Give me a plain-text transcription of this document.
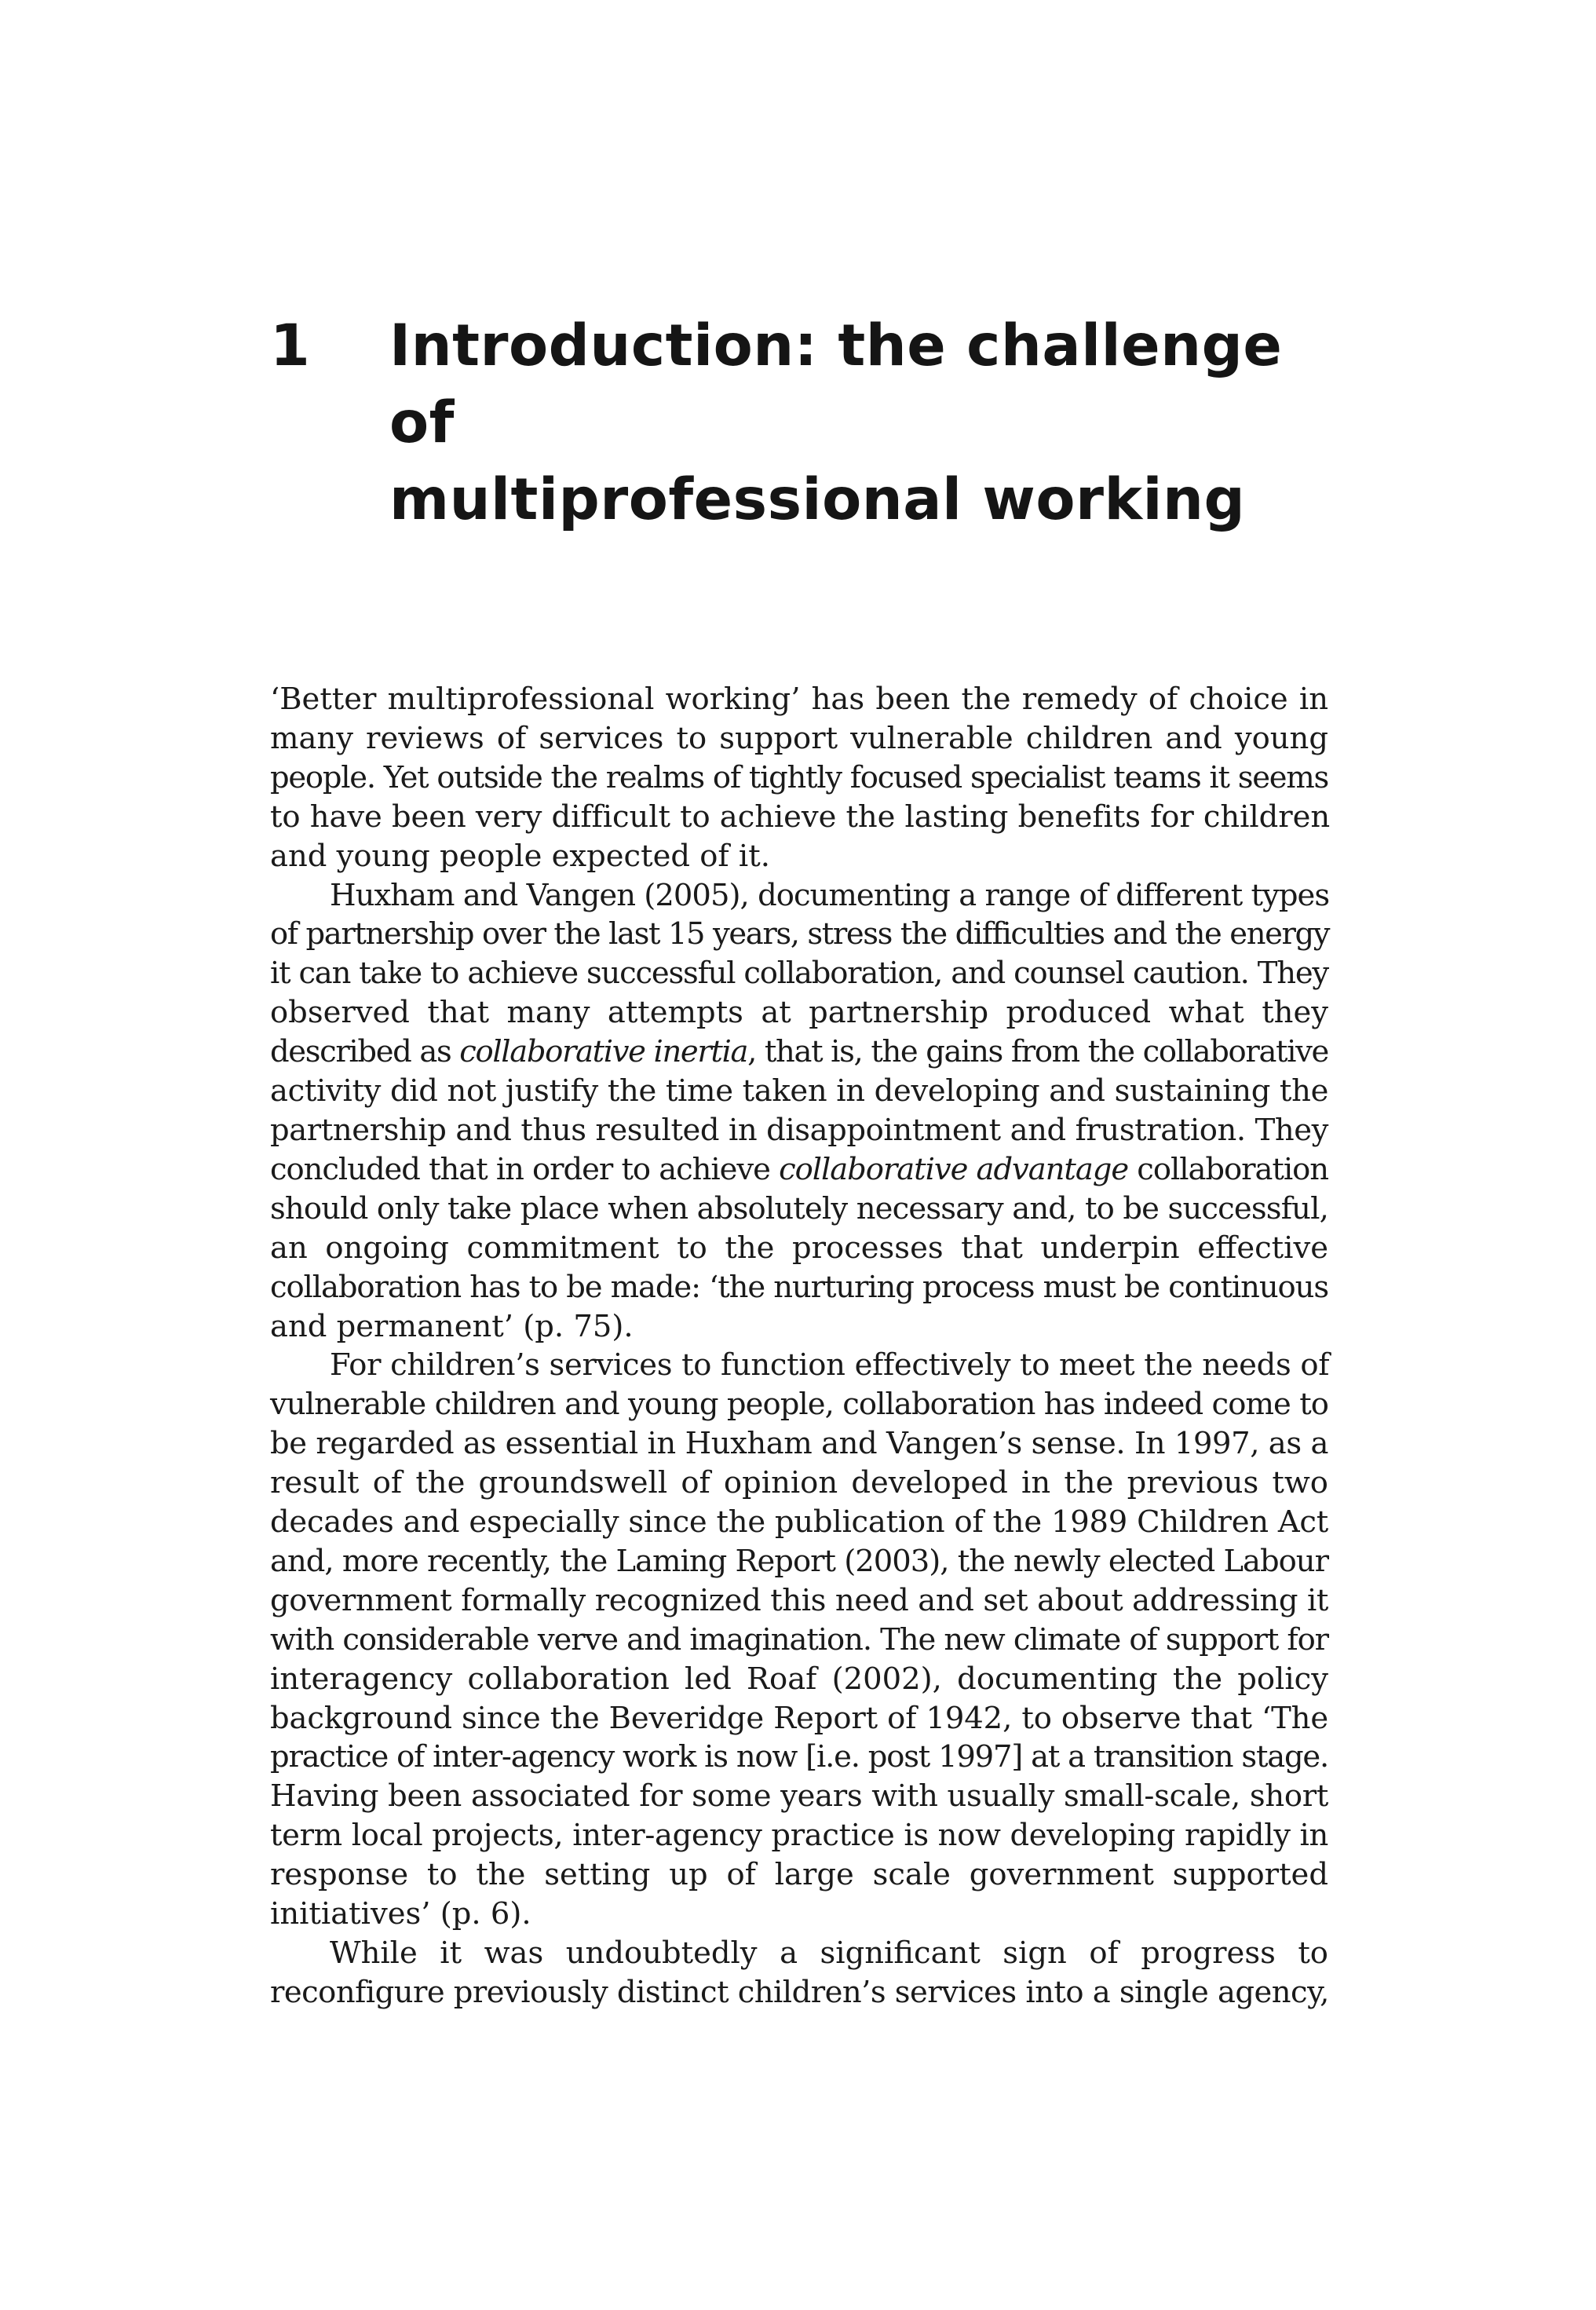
1 Introduction: the challenge of
multiprofessional working
‘Better multiprofessional working’ has been the remedy of choice in
many reviews of services to support vulnerable children and young
people. Yet outside the realms of tightly focused specialist teams it seems
to have been very difficult to achieve the lasting benefits for children
and young people expected of it.
Huxham and Vangen (2005), documenting a range of different types
of partnership over the last 15 years, stress the difficulties and the energy
it can take to achieve successful collaboration, and counsel caution. They
observed that many attempts at partnership produced what they
described as collaborative inertia, that is, the gains from the collaborative
activity did not justify the time taken in developing and sustaining the
partnership and thus resulted in disappointment and frustration. They
concluded that in order to achieve collaborative advantage collaboration
should only take place when absolutely necessary and, to be successful,
an ongoing commitment to the processes that underpin effective
collaboration has to be made: ‘the nurturing process must be continuous
and permanent’ (p. 75).
For children’s services to function effectively to meet the needs of
vulnerable children and young people, collaboration has indeed come to
be regarded as essential in Huxham and Vangen’s sense. In 1997, as a
result of the groundswell of opinion developed in the previous two
decades and especially since the publication of the 1989 Children Act
and, more recently, the Laming Report (2003), the newly elected Labour
government formally recognized this need and set about addressing it
with considerable verve and imagination. The new climate of support for
interagency collaboration led Roaf (2002), documenting the policy
background since the Beveridge Report of 1942, to observe that ‘The
practice of inter-agency work is now [i.e. post 1997] at a transition stage.
Having been associated for some years with usually small-scale, short
term local projects, inter-agency practice is now developing rapidly in
response to the setting up of large scale government supported
initiatives’ (p. 6).
While it was undoubtedly a significant sign of progress to
reconfigure previously distinct children’s services into a single agency,
